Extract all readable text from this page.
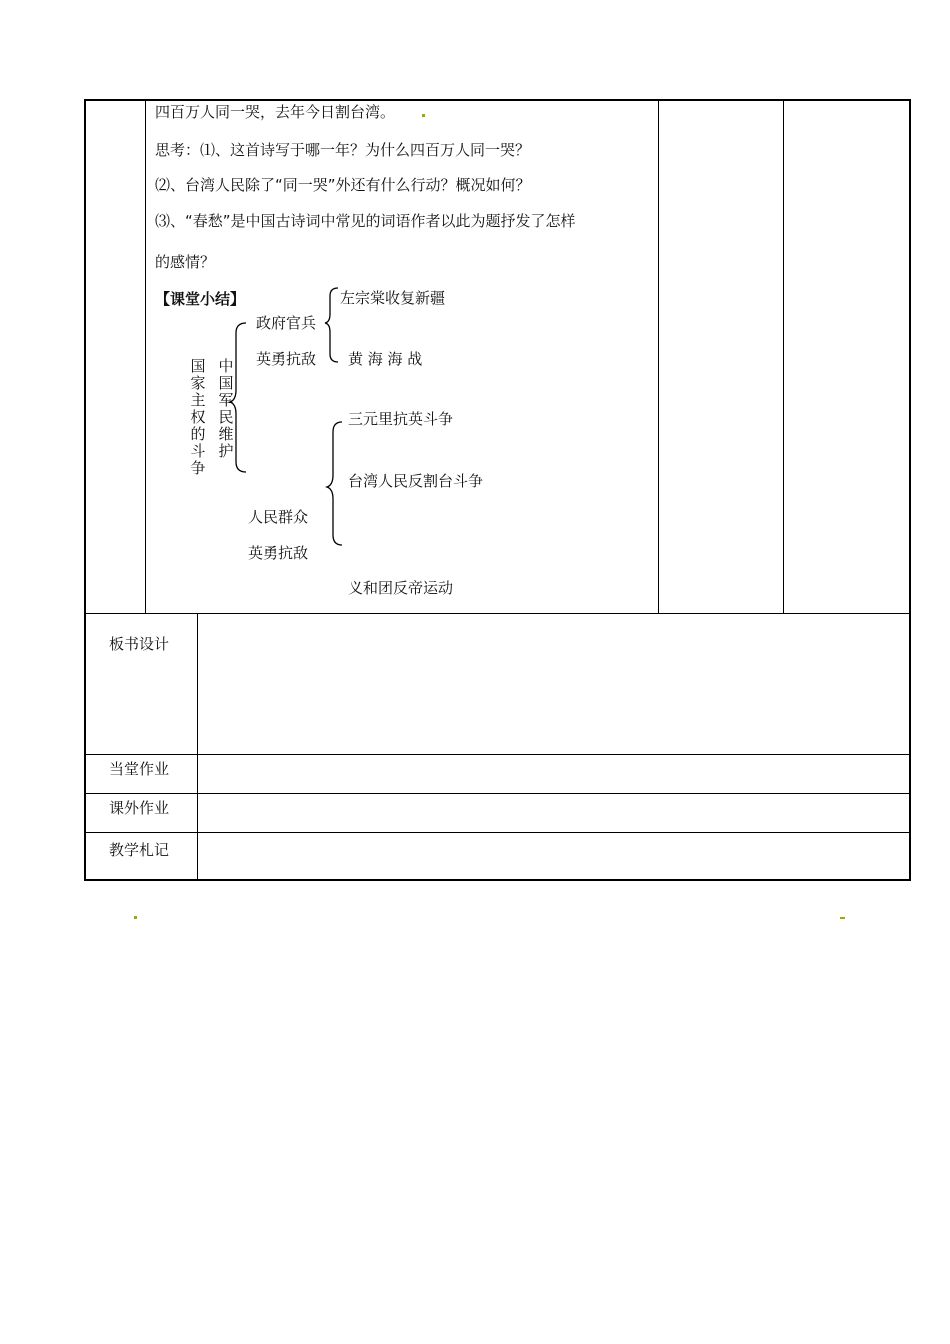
四百万人同一哭，去年今日割台湾。
思考：⑴、这首诗写于哪一年？为什么四百万人同一哭？
⑵、台湾人民除了“同一哭”外还有什么行动？概况如何？
⑶、“春愁”是中国古诗词中常见的词语作者以此为题抒发了怎样
的感情？
【课堂小结】
国
家
主
权
的
斗
争
中
国
军
民
维
护
政府官兵
英勇抗敌
左宗棠收复新疆
黄 海 海 战
三元里抗英斗争
台湾人民反割台斗争
人民群众
英勇抗敌
义和团反帝运动
板书设计
当堂作业
课外作业
教学札记
